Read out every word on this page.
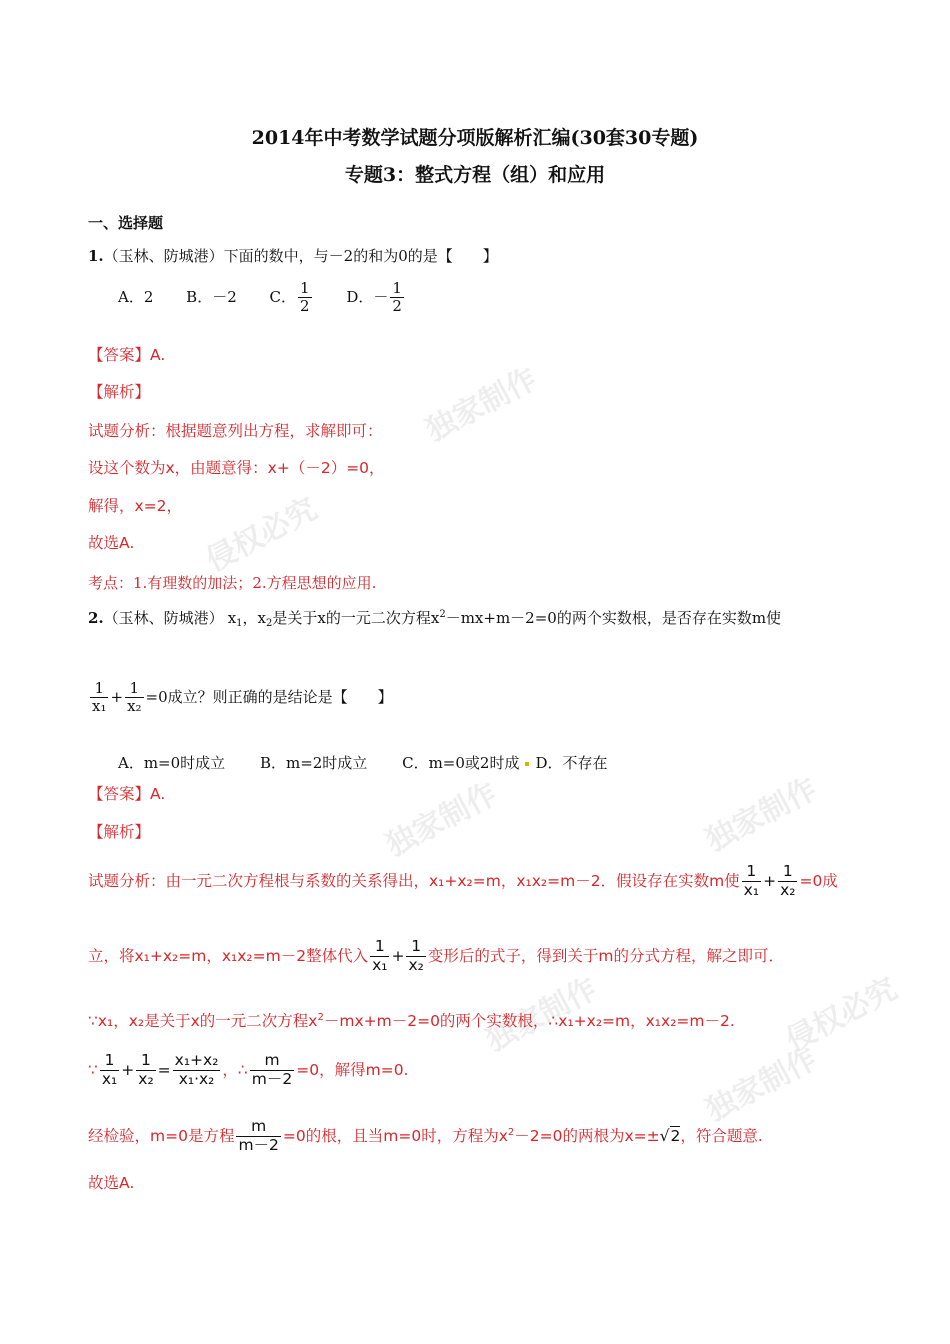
独家制作
侵权必究
独家制作	独家制作
独家制作	侵权必究
独家制作
2014年中考数学试题分项版解析汇编(30套30专题)
专题3：整式方程（组）和应用
一、选择题
1.（玉林、防城港）下面的数中，与－2的和为0的是【　　】
A．2 B．－2 C． $\frac{1}{2}$ D．－ $\frac{1}{2}$
【答案】A.
【解析】
试题分析：根据题意列出方程，求解即可：
设这个数为x，由题意得：x+（－2）=0，
解得，x=2，
故选A.
考点：1.有理数的加法；2.方程思想的应用.
2.（玉林、防城港） $x_1$，$x_2$是关于x的一元二次方程$x^2-mx+m-2=0$的两个实数根，是否存在实数m使
$\frac{1}{\text{x₁}} + \frac{1}{\text{x₂}} =0$成立？则正确的是结论是【　　】
A．m=0时成立 B．m=2时成立 C．m=0或2时成 D．不存在
【答案】A.
【解析】
试题分析：由一元二次方程根与系数的关系得出，x₁+x₂=m，x₁x₂=m－2．假设存在实数m使 $\frac{1}{\text{x₁}} + \frac{1}{\text{x₂}} =0$成
立，将x₁+x₂=m，x₁x₂=m－2整体代入 $\frac{1}{\text{x₁}} + \frac{1}{\text{x₂}}$ 变形后的式子，得到关于m的分式方程，解之即可．
∵x₁，x₂是关于x的一元二次方程$x^2-mx+m-2=0$的两个实数根，∴x₁+x₂=m，x₁x₂=m－2.
∵ $\frac{1}{\text{x₁}} + \frac{1}{\text{x₂}} = \frac{\text{x₁+x₂}}{\text{x₁·x₂}}$ ，∴ $\frac{m}{m-2} =0$，解得m=0.
经检验，m=0是方程 $\frac{m}{m-2} =0$的根，且当m=0时，方程为$x^2-2=0$的两根为x=±√2，符合题意.
故选A.
